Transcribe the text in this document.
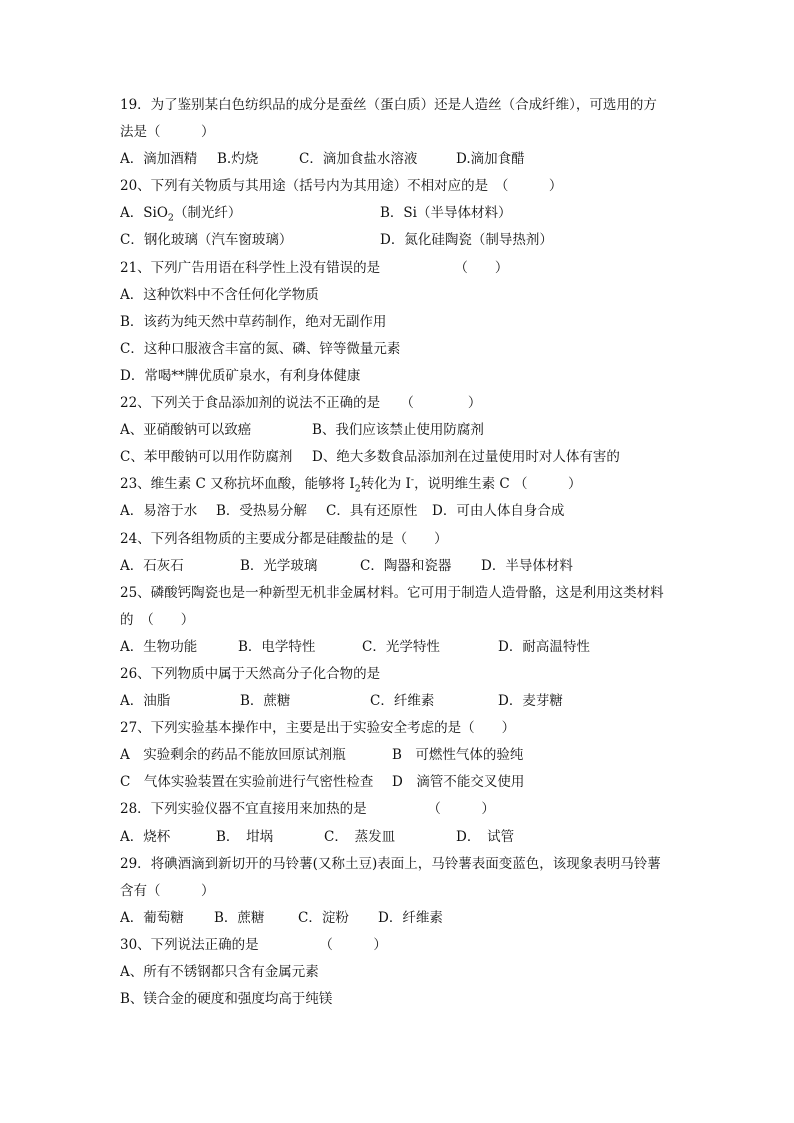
19．为了鉴别某白色纺织品的成分是蚕丝（蛋白质）还是人造丝（合成纤维），可选用的方
法是（　　　）
A．滴加酒精	B.灼烧	C．滴加食盐水溶液	D.滴加食醋
20、下列有关物质与其用途（括号内为其用途）不相对应的是　（　　　）
A．SiO$_2$（制光纤）	B．Si（半导体材料）
C．钢化玻璃（汽车窗玻璃）	D．氮化硅陶瓷（制导热剂）
21、下列广告用语在科学性上没有错误的是　　　　　　（　　）
A．这种饮料中不含任何化学物质
B．该药为纯天然中草药制作，绝对无副作用
C．这种口服液含丰富的氮、磷、锌等微量元素
D．常喝**牌优质矿泉水，有利身体健康
22、下列关于食品添加剂的说法不正确的是　　（　　　　）
A、亚硝酸钠可以致癌	B、我们应该禁止使用防腐剂
C、苯甲酸钠可以用作防腐剂	D、绝大多数食品添加剂在过量使用时对人体有害的
23、维生素 C 又称抗坏血酸，能够将 $I_2$转化为 I-，说明维生素 C （　　　）
A．易溶于水	B．受热易分解	C．具有还原性	D．可由人体自身合成
24、下列各组物质的主要成分都是硅酸盐的是（　　）
A．石灰石	B．光学玻璃	C．陶器和瓷器	D．半导体材料
25、磷酸钙陶瓷也是一种新型无机非金属材料。它可用于制造人造骨骼，这是利用这类材料
的　（　　）
A．生物功能	B．电学特性	C．光学特性	D．耐高温特性
26、下列物质中属于天然高分子化合物的是
A．油脂	B．蔗糖	C．纤维素	D．麦芽糖
27、下列实验基本操作中，主要是出于实验安全考虑的是（　　）
A　实验剩余的药品不能放回原试剂瓶	B　可燃性气体的验纯
C　气体实验装置在实验前进行气密性检查	D　滴管不能交叉使用
28．下列实验仪器不宜直接用来加热的是　　　　　（　　　）
A．烧杯	B．　坩埚	C．　蒸发皿	D．　试管
29．将碘酒滴到新切开的马铃薯(又称土豆)表面上，马铃薯表面变蓝色，该现象表明马铃薯
含有（　　　）
A．葡萄糖	B．蔗糖	C．淀粉	D．纤维素
30、下列说法正确的是　　　　　（　　　）
A、所有不锈钢都只含有金属元素
B、镁合金的硬度和强度均高于纯镁
